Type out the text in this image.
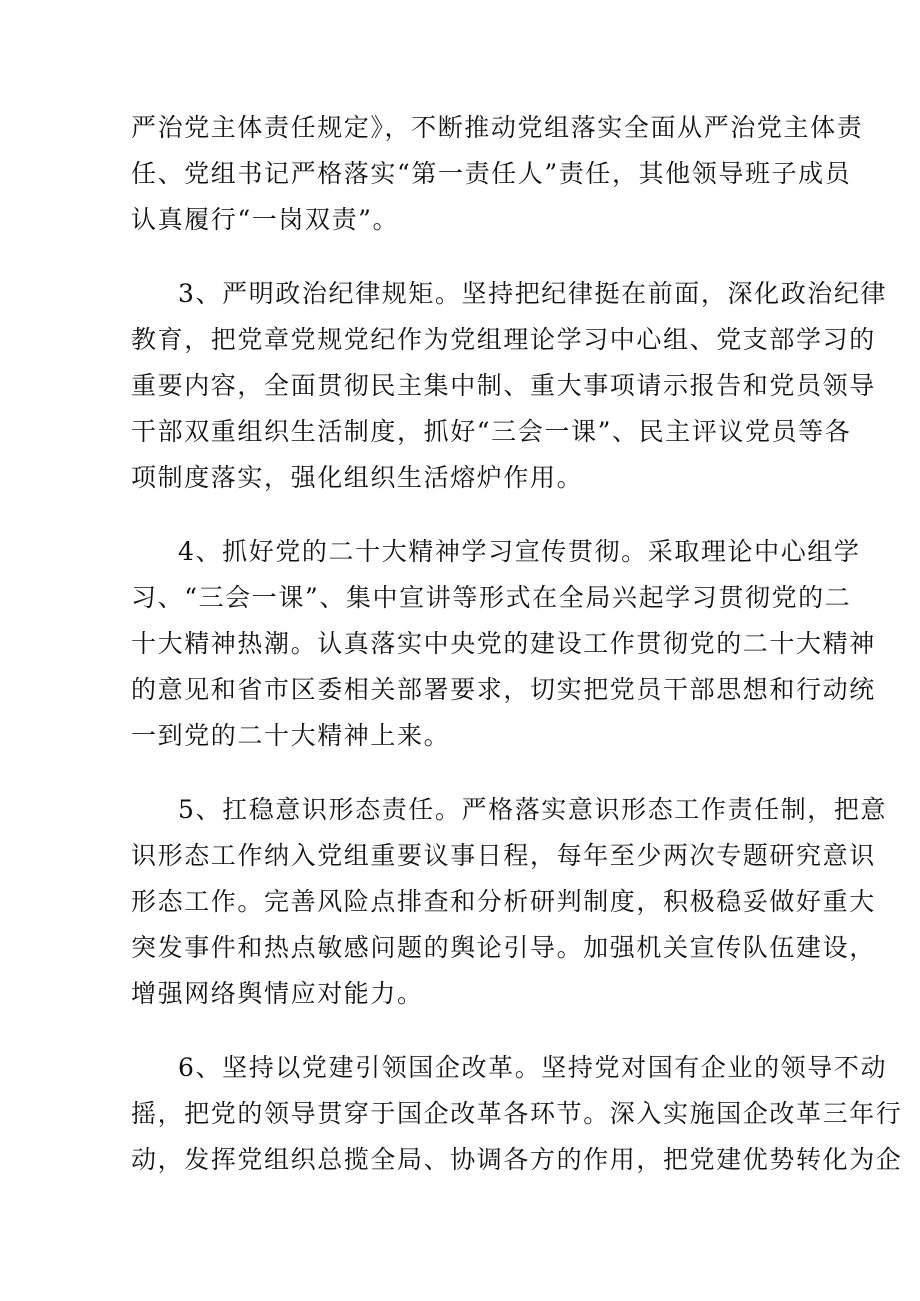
严治党主体责任规定》，不断推动党组落实全面从严治党主体责
任、党组书记严格落实“第一责任人”责任，其他领导班子成员
认真履行“一岗双责”。
3、严明政治纪律规矩。坚持把纪律挺在前面，深化政治纪律
教育，把党章党规党纪作为党组理论学习中心组、党支部学习的
重要内容，全面贯彻民主集中制、重大事项请示报告和党员领导
干部双重组织生活制度，抓好“三会一课”、民主评议党员等各
项制度落实，强化组织生活熔炉作用。
4、抓好党的二十大精神学习宣传贯彻。采取理论中心组学
习、“三会一课”、集中宣讲等形式在全局兴起学习贯彻党的二
十大精神热潮。认真落实中央党的建设工作贯彻党的二十大精神
的意见和省市区委相关部署要求，切实把党员干部思想和行动统
一到党的二十大精神上来。
5、扛稳意识形态责任。严格落实意识形态工作责任制，把意
识形态工作纳入党组重要议事日程，每年至少两次专题研究意识
形态工作。完善风险点排查和分析研判制度，积极稳妥做好重大
突发事件和热点敏感问题的舆论引导。加强机关宣传队伍建设，
增强网络舆情应对能力。
6、坚持以党建引领国企改革。坚持党对国有企业的领导不动
摇，把党的领导贯穿于国企改革各环节。深入实施国企改革三年行
动，发挥党组织总揽全局、协调各方的作用，把党建优势转化为企
